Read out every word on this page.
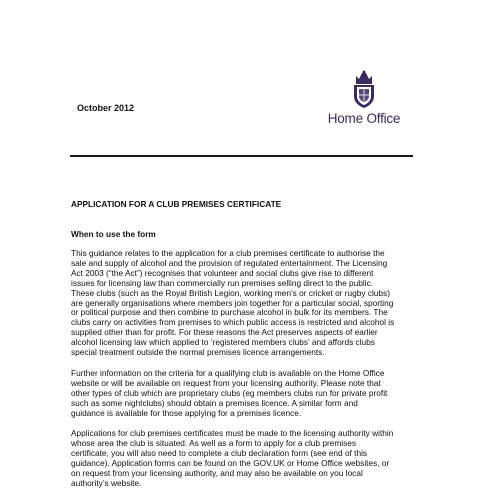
October 2012
Home Office
APPLICATION FOR A CLUB PREMISES CERTIFICATE
When to use the form
This guidance relates to the application for a club premises certificate to authorise the
sale and supply of alcohol and the provision of regulated entertainment. The Licensing
Act 2003 (“the Act”) recognises that volunteer and social clubs give rise to different
issues for licensing law than commercially run premises selling direct to the public.
These clubs (such as the Royal British Legion, working men’s or cricket or rugby clubs)
are generally organisations where members join together for a particular social, sporting
or political purpose and then combine to purchase alcohol in bulk for its members. The
clubs carry on activities from premises to which public access is restricted and alcohol is
supplied other than for profit. For these reasons the Act preserves aspects of earlier
alcohol licensing law which applied to ‘registered members clubs’ and affords clubs
special treatment outside the normal premises licence arrangements.
Further information on the criteria for a qualifying club is available on the Home Office
website or will be available on request from your licensing authority. Please note that
other types of club which are proprietary clubs (eg members clubs run for private profit
such as some nightclubs) should obtain a premises licence. A similar form and
guidance is available for those applying for a premises licence.
Applications for club premises certificates must be made to the licensing authority within
whose area the club is situated. As well as a form to apply for a club premises
certificate, you will also need to complete a club declaration form (see end of this
guidance). Application forms can be found on the GOV.UK or Home Office websites, or
on request from your licensing authority, and may also be available on you local
authority’s website.
